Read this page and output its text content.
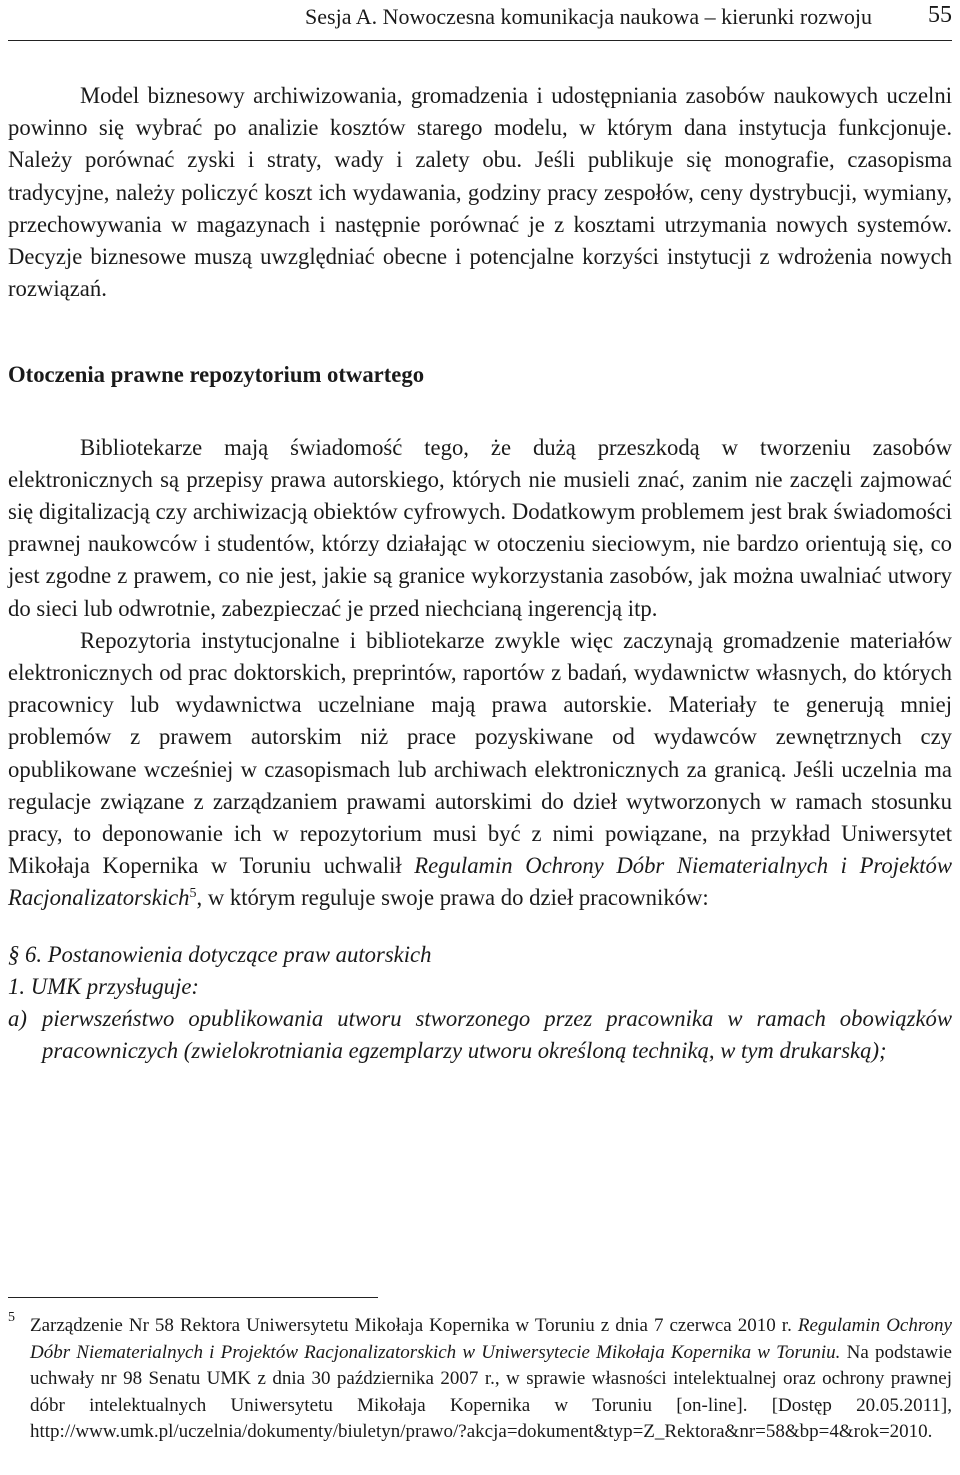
Sesja A. Nowoczesna komunikacja naukowa – kierunki rozwoju 55

Model biznesowy archiwizowania, gromadzenia i udostępniania zasobów naukowych uczelni powinno się wybrać po analizie kosztów starego modelu, w którym dana instytucja funkcjonuje. Należy porównać zyski i straty, wady i zalety obu. Jeśli publikuje się monografie, czasopisma tradycyjne, należy policzyć koszt ich wydawania, godziny pracy zespołów, ceny dystrybucji, wymiany, przechowywania w magazynach i następnie porównać je z kosztami utrzymania nowych systemów. Decyzje biznesowe muszą uwzględniać obecne i potencjalne korzyści instytucji z wdrożenia nowych rozwiązań.

Otoczenia prawne repozytorium otwartego

Bibliotekarze mają świadomość tego, że dużą przeszkodą w tworzeniu zasobów elektronicznych są przepisy prawa autorskiego, których nie musieli znać, zanim nie zaczęli zajmować się digitalizacją czy archiwizacją obiektów cyfrowych. Dodatkowym problemem jest brak świadomości prawnej naukowców i studentów, którzy działając w otoczeniu sieciowym, nie bardzo orientują się, co jest zgodne z prawem, co nie jest, jakie są granice wykorzystania zasobów, jak można uwalniać utwory do sieci lub odwrotnie, zabezpieczać je przed niechcianą ingerencją itp.

Repozytoria instytucjonalne i bibliotekarze zwykle więc zaczynają gromadzenie materiałów elektronicznych od prac doktorskich, preprintów, raportów z badań, wydawnictw własnych, do których pracownicy lub wydawnictwa uczelniane mają prawa autorskie. Materiały te generują mniej problemów z prawem autorskim niż prace pozyskiwane od wydawców zewnętrznych czy opublikowane wcześniej w czasopismach lub archiwach elektronicznych za granicą. Jeśli uczelnia ma regulacje związane z zarządzaniem prawami autorskimi do dzieł wytworzonych w ramach stosunku pracy, to deponowanie ich w repozytorium musi być z nimi powiązane, na przykład Uniwersytet Mikołaja Kopernika w Toruniu uchwalił Regulamin Ochrony Dóbr Niematerialnych i Projektów Racjonalizatorskich$^5$, w którym reguluje swoje prawa do dzieł pracowników:

§ 6. Postanowienia dotyczące praw autorskich

1. UMK przysługuje:

a) pierwszeństwo opublikowania utworu stworzonego przez pracownika w ramach obowiązków pracowniczych (zwielokrotniania egzemplarzy utworu określoną techniką, w tym drukarską);
5 Zarządzenie Nr 58 Rektora Uniwersytetu Mikołaja Kopernika w Toruniu z dnia 7 czerwca 2010 r. Regulamin Ochrony Dóbr Niematerialnych i Projektów Racjonalizatorskich w Uniwersytecie Mikołaja Kopernika w Toruniu. Na podstawie uchwały nr 98 Senatu UMK z dnia 30 października 2007 r., w sprawie własności intelektualnej oraz ochrony prawnej dóbr intelektualnych Uniwersytetu Mikołaja Kopernika w Toruniu [on-line]. [Dostęp 20.05.2011], http://www.umk.pl/uczelnia/dokumenty/biuletyn/prawo/?akcja=dokument&typ=Z_Rektora&nr=58&bp=4&rok=2010.
